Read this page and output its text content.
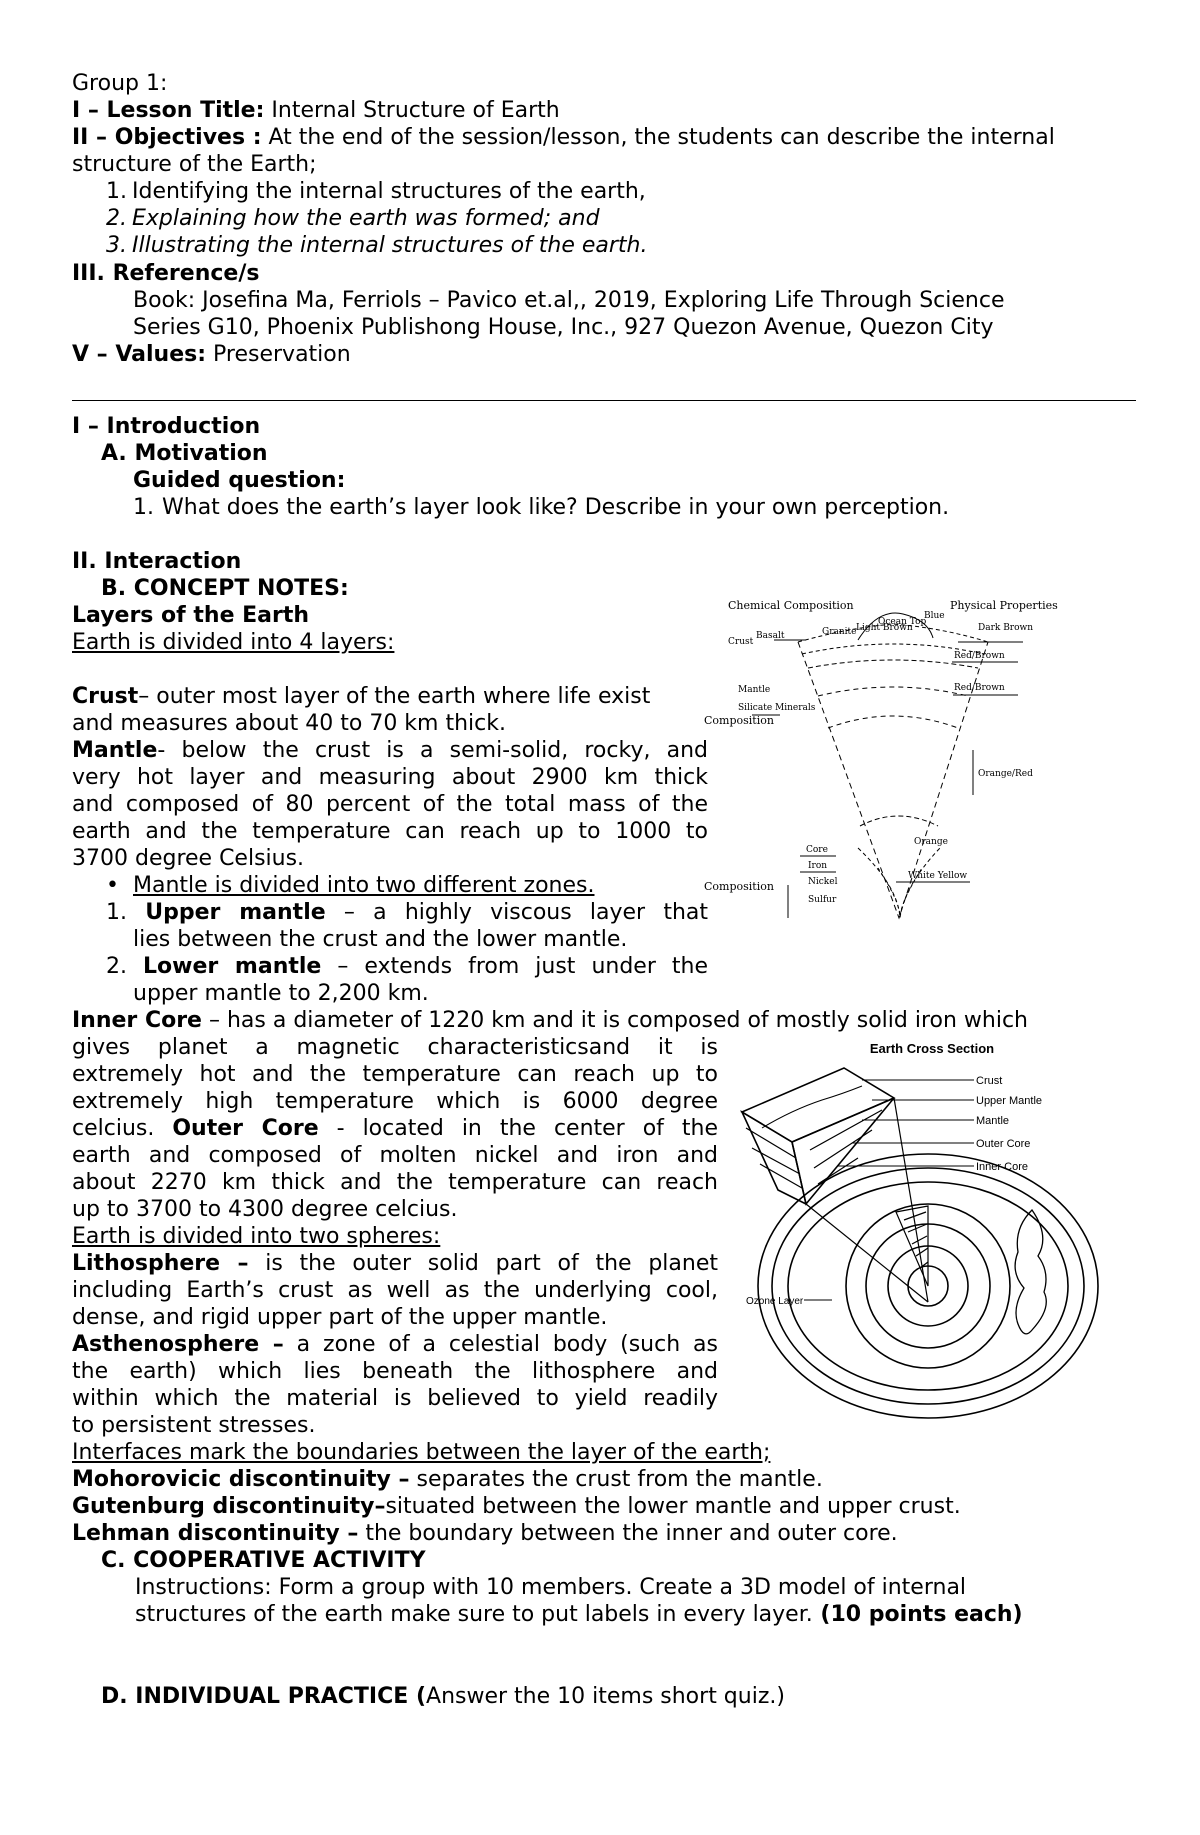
Group 1:
I – Lesson Title: Internal Structure of Earth
II – Objectives : At the end of the session/lesson, the students can describe the internal
structure of the Earth;
1. Identifying the internal structures of the earth,
2. Explaining how the earth was formed; and
3. Illustrating the internal structures of the earth.
III. Reference/s
Book: Josefina Ma, Ferriols – Pavico et.al,, 2019, Exploring Life Through Science
Series G10, Phoenix Publishong House, Inc., 927 Quezon Avenue, Quezon City
V – Values: Preservation
I – Introduction
A. Motivation
Guided question:
1. What does the earth’s layer look like? Describe in your own perception.
II. Interaction
B. CONCEPT NOTES:
Layers of the Earth
Earth is divided into 4 layers:
Crust– outer most layer of the earth where life exist
and measures about 40 to 70 km thick.
Mantle- below the crust is a semi-solid, rocky, and
very hot layer and measuring about 2900 km thick
and composed of 80 percent of the total mass of the
earth and the temperature can reach up to 1000 to
3700 degree Celsius.
• Mantle is divided into two different zones.
1. Upper mantle – a highly viscous layer that
lies between the crust and the lower mantle.
2. Lower mantle – extends from just under the
upper mantle to 2,200 km.
Inner Core – has a diameter of 1220 km and it is composed of mostly solid iron which
gives planet a magnetic characteristicsand it is
extremely hot and the temperature can reach up to
extremely high temperature which is 6000 degree
celcius. Outer Core - located in the center of the
earth and composed of molten nickel and iron and
about 2270 km thick and the temperature can reach
up to 3700 to 4300 degree celcius.
Earth is divided into two spheres:
Lithosphere – is the outer solid part of the planet
including Earth’s crust as well as the underlying cool,
dense, and rigid upper part of the upper mantle.
Asthenosphere – a zone of a celestial body (such as
the earth) which lies beneath the lithosphere and
within which the material is believed to yield readily
to persistent stresses.
Interfaces mark the boundaries between the layer of the earth;
Mohorovicic discontinuity – separates the crust from the mantle.
Gutenburg discontinuity–situated between the lower mantle and upper crust.
Lehman discontinuity – the boundary between the inner and outer core.
C. COOPERATIVE ACTIVITY
Instructions: Form a group with 10 members. Create a 3D model of internal
structures of the earth make sure to put labels in every layer. (10 points each)
D. INDIVIDUAL PRACTICE (Answer the 10 items short quiz.)
Chemical Composition	Physical Properties
Ocean Top
Granite
Crust
Basalt
Light Brown
Blue
Dark Brown
Red/Brown
Red/Brown
Mantle
Silicate Minerals
Composition
Orange/Red
Orange
Core
Iron
Nickel
Sulfur
White Yellow
Composition
Earth Cross Section
Crust
Upper Mantle
Mantle
Outer Core
Inner Core
Ozone Layer
